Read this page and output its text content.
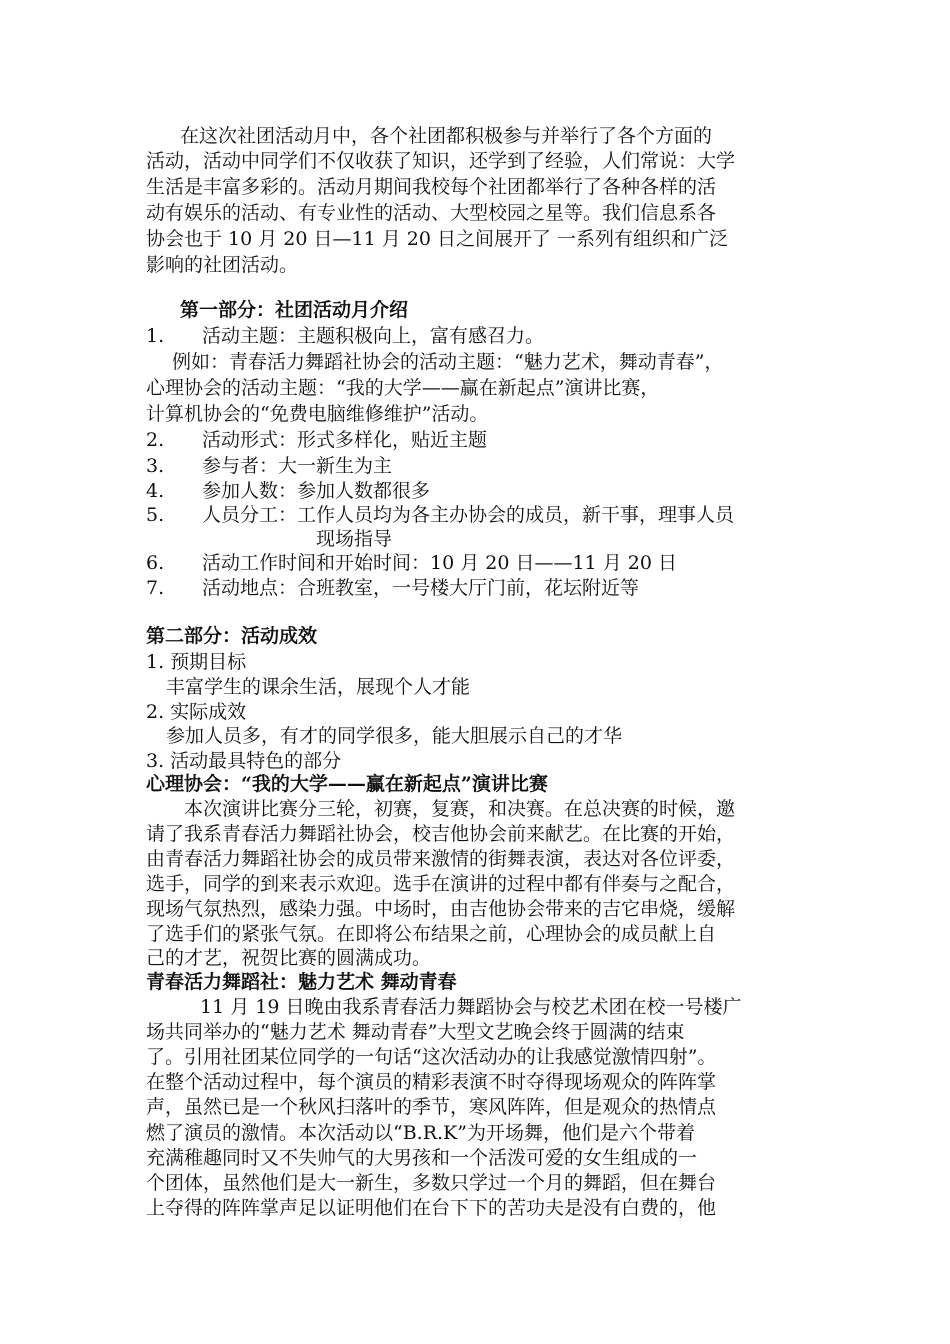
在这次社团活动月中，各个社团都积极参与并举行了各个方面的
活动，活动中同学们不仅收获了知识，还学到了经验，人们常说：大学
生活是丰富多彩的。活动月期间我校每个社团都举行了各种各样的活
动有娱乐的活动、有专业性的活动、大型校园之星等。我们信息系各
协会也于 10 月 20 日—11 月 20 日之间展开了 一系列有组织和广泛
影响的社团活动。
第一部分：社团活动月介绍
1. 活动主题：主题积极向上，富有感召力。
例如：青春活力舞蹈社协会的活动主题：“魅力艺术，舞动青春”，
心理协会的活动主题：“我的大学——赢在新起点”演讲比赛，
计算机协会的“免费电脑维修维护”活动。
2. 活动形式：形式多样化，贴近主题
3. 参与者：大一新生为主
4. 参加人数：参加人数都很多
5. 人员分工：工作人员均为各主办协会的成员，新干事，理事人员
现场指导
6. 活动工作时间和开始时间：10 月 20 日——11 月 20 日
7. 活动地点：合班教室，一号楼大厅门前，花坛附近等
第二部分：活动成效
1. 预期目标
丰富学生的课余生活，展现个人才能
2. 实际成效
参加人员多，有才的同学很多，能大胆展示自己的才华
3. 活动最具特色的部分
心理协会：“我的大学——赢在新起点”演讲比赛
本次演讲比赛分三轮，初赛，复赛，和决赛。在总决赛的时候，邀
请了我系青春活力舞蹈社协会，校吉他协会前来献艺。在比赛的开始，
由青春活力舞蹈社协会的成员带来激情的街舞表演，表达对各位评委，
选手，同学的到来表示欢迎。选手在演讲的过程中都有伴奏与之配合，
现场气氛热烈，感染力强。中场时，由吉他协会带来的吉它串烧，缓解
了选手们的紧张气氛。在即将公布结果之前，心理协会的成员献上自
己的才艺，祝贺比赛的圆满成功。
青春活力舞蹈社：魅力艺术 舞动青春
11 月 19 日晚由我系青春活力舞蹈协会与校艺术团在校一号楼广
场共同举办的“魅力艺术 舞动青春”大型文艺晚会终于圆满的结束
了。引用社团某位同学的一句话“这次活动办的让我感觉激情四射”。
在整个活动过程中，每个演员的精彩表演不时夺得现场观众的阵阵掌
声，虽然已是一个秋风扫落叶的季节，寒风阵阵，但是观众的热情点
燃了演员的激情。本次活动以“B.R.K”为开场舞，他们是六个带着
充满稚趣同时又不失帅气的大男孩和一个活泼可爱的女生组成的一
个团体，虽然他们是大一新生，多数只学过一个月的舞蹈，但在舞台
上夺得的阵阵掌声足以证明他们在台下下的苦功夫是没有白费的，他
